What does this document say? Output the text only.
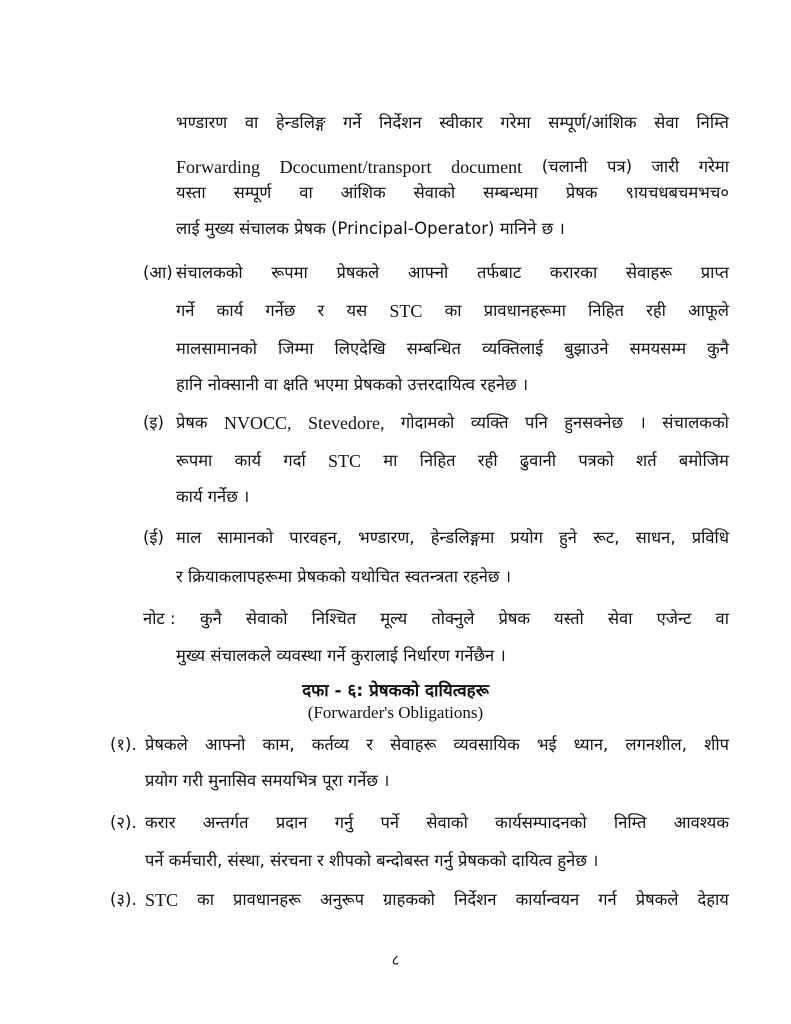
भण्डारण वा हेन्डलिङ्ग गर्ने निर्देशन स्वीकार गरेमा सम्पूर्ण/आंशिक सेवा निम्ति
Forwarding Dcocument/transport document (चलानी पत्र) जारी गरेमा
यस्ता सम्पूर्ण वा आंशिक सेवाको सम्बन्धमा प्रेषक ९ायचधबचमभच०
लाई मुख्य संचालक प्रेषक (Principal-Operator) मानिने छ ।
(आ) संचालकको रूपमा प्रेषकले आफ्नो तर्फबाट करारका सेवाहरू प्राप्त
गर्ने कार्य गर्नेछ र यस STC का प्रावधानहरूमा निहित रही आफूले
मालसामानको जिम्मा लिएदेखि सम्बन्धित व्यक्तिलाई बुझाउने समयसम्म कुनै
हानि नोक्सानी वा क्षति भएमा प्रेषकको उत्तरदायित्व रहनेछ ।
(इ) प्रेषक NVOCC, Stevedore, गोदामको व्यक्ति पनि हुनसक्नेछ । संचालकको
रूपमा कार्य गर्दा STC मा निहित रही ढुवानी पत्रको शर्त बमोजिम
कार्य गर्नेछ ।
(ई) माल सामानको पारवहन, भण्डारण, हेन्डलिङ्गमा प्रयोग हुने रूट, साधन, प्रविधि
र क्रियाकलापहरूमा प्रेषकको यथोचित स्वतन्त्रता रहनेछ ।
नोट : कुनै सेवाको निश्चित मूल्य तोक्नुले प्रेषक यस्तो सेवा एजेन्ट वा
मुख्य संचालकले व्यवस्था गर्ने कुरालाई निर्धारण गर्नेछैन ।
दफा - ६: प्रेषकको दायित्वहरू
(Forwarder's Obligations)
(१). प्रेषकले आफ्नो काम, कर्तव्य र सेवाहरू व्यवसायिक भई ध्यान, लगनशील, शीप
प्रयोग गरी मुनासिव समयभित्र पूरा गर्नेछ ।
(२). करार अन्तर्गत प्रदान गर्नु पर्ने सेवाको कार्यसम्पादनको निम्ति आवश्यक
पर्ने कर्मचारी, संस्था, संरचना र शीपको बन्दोबस्त गर्नु प्रेषकको दायित्व हुनेछ ।
(३). STC का प्रावधानहरू अनुरूप ग्राहकको निर्देशन कार्यान्वयन गर्न प्रेषकले देहाय
८
